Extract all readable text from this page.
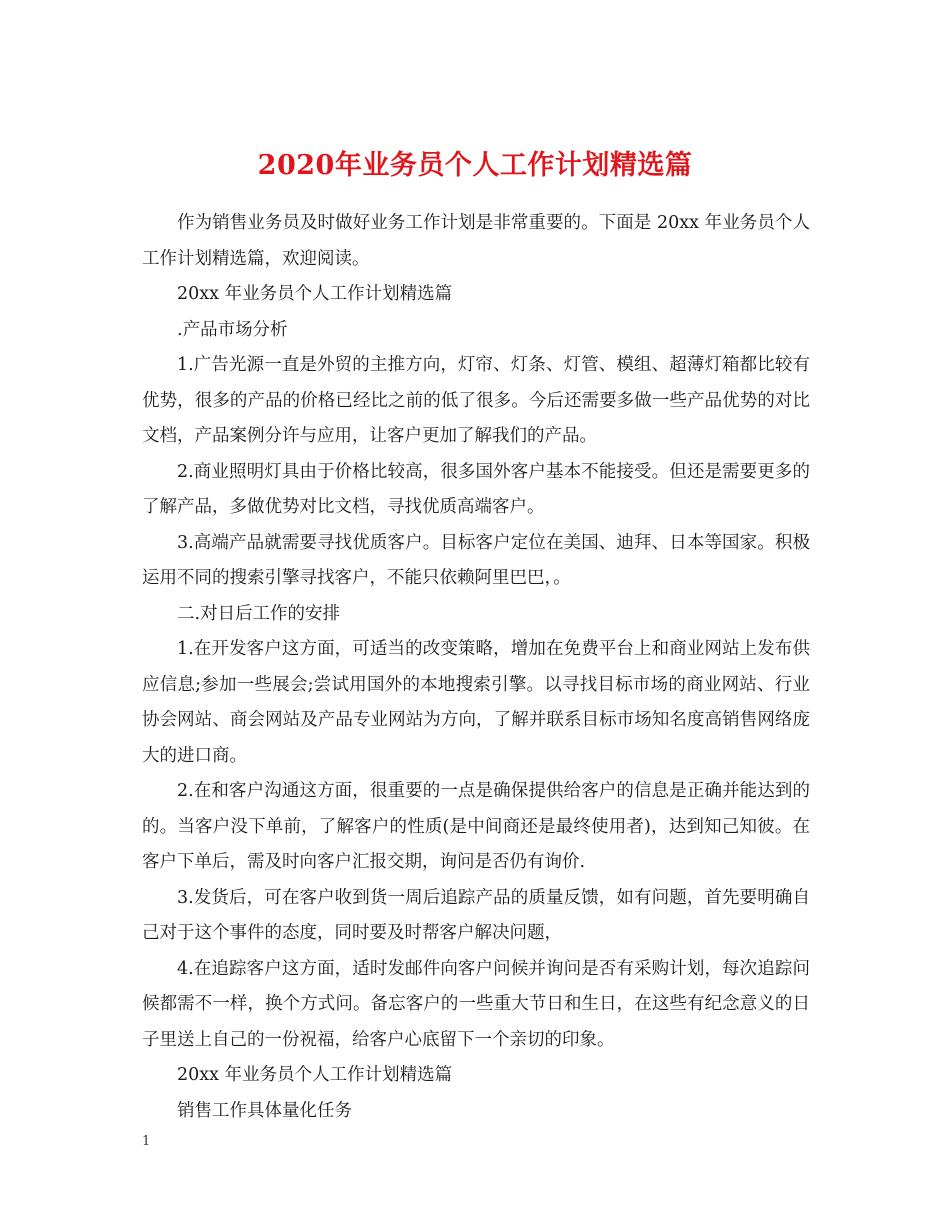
2020年业务员个人工作计划精选篇

作为销售业务员及时做好业务工作计划是非常重要的。下面是 20xx 年业务员个人工作计划精选篇，欢迎阅读。

20xx 年业务员个人工作计划精选篇

.产品市场分析

1.广告光源一直是外贸的主推方向，灯帘、灯条、灯管、模组、超薄灯箱都比较有优势，很多的产品的价格已经比之前的低了很多。今后还需要多做一些产品优势的对比文档，产品案例分许与应用，让客户更加了解我们的产品。

2.商业照明灯具由于价格比较高，很多国外客户基本不能接受。但还是需要更多的了解产品，多做优势对比文档，寻找优质高端客户。

3.高端产品就需要寻找优质客户。目标客户定位在美国、迪拜、日本等国家。积极运用不同的搜索引擎寻找客户，不能只依赖阿里巴巴，。

二.对日后工作的安排

1.在开发客户这方面，可适当的改变策略，增加在免费平台上和商业网站上发布供应信息;参加一些展会;尝试用国外的本地搜索引擎。以寻找目标市场的商业网站、行业协会网站、商会网站及产品专业网站为方向，了解并联系目标市场知名度高销售网络庞大的进口商。

2.在和客户沟通这方面，很重要的一点是确保提供给客户的信息是正确并能达到的的。当客户没下单前，了解客户的性质(是中间商还是最终使用者)，达到知己知彼。在客户下单后，需及时向客户汇报交期，询问是否仍有询价.

3.发货后，可在客户收到货一周后追踪产品的质量反馈，如有问题，首先要明确自己对于这个事件的态度，同时要及时帮客户解决问题，

4.在追踪客户这方面，适时发邮件向客户问候并询问是否有采购计划，每次追踪问候都需不一样，换个方式问。备忘客户的一些重大节日和生日，在这些有纪念意义的日子里送上自己的一份祝福，给客户心底留下一个亲切的印象。

20xx 年业务员个人工作计划精选篇

销售工作具体量化任务

1
